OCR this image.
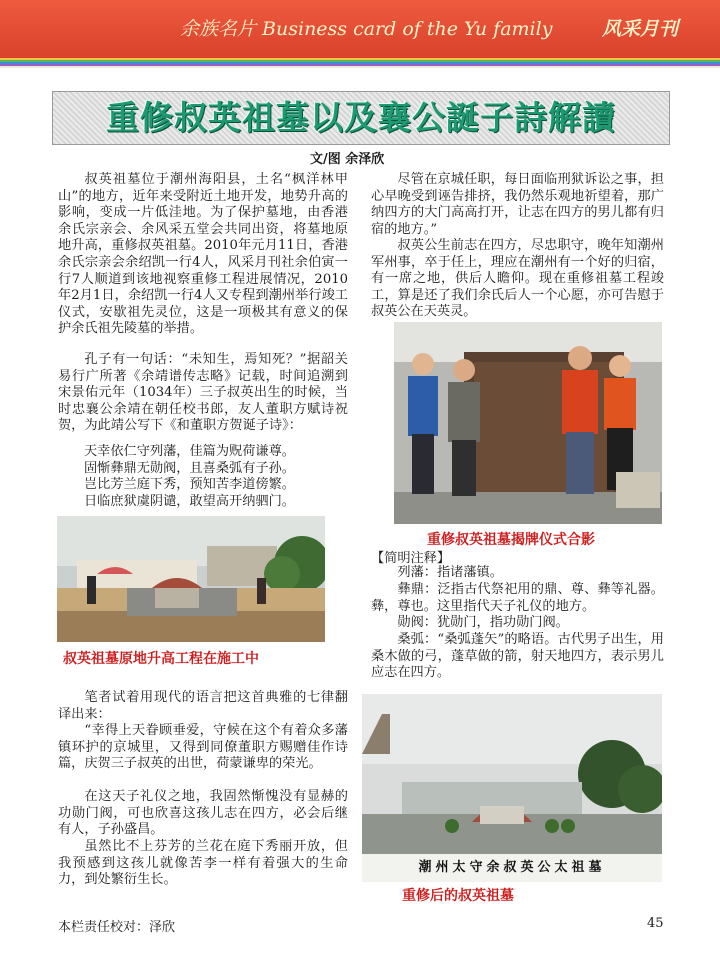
余族名片 Business card of the Yu family	风采月刊
重修叔英祖墓以及襄公誕子詩解讀
文/图 余泽欣

叔英祖墓位于潮州海阳县，土名“枫洋林甲山”的地方，近年来受附近土地开发，地势升高的影响，变成一片低洼地。为了保护墓地，由香港余氏宗亲会、余风采五堂会共同出资，将墓地原地升高，重修叔英祖墓。2010年元月11日，香港余氏宗亲会余绍凯一行4人，风采月刊社余伯寅一行7人顺道到该地视察重修工程进展情况，2010年2月1日，余绍凯一行4人又专程到潮州举行竣工仪式，安歇祖先灵位，这是一项极其有意义的保护余氏祖先陵墓的举措。

孔子有一句话：“未知生，焉知死？”据韶关易行广所著《余靖谱传志略》记载，时间追溯到宋景佑元年（1034年）三子叔英出生的时候，当时忠襄公余靖在朝任校书郎，友人董职方赋诗祝贺，为此靖公写下《和董职方贺诞子诗》：

天幸依仁守列藩，佳篇为贶荷谦尊。
固惭彝鼎无勋阀，且喜桑弧有子孙。
岂比芳兰庭下秀，预知苦李道傍繁。
日临庶狱虞阴谴，敢望高开纳驷门。
叔英祖墓原地升高工程在施工中

笔者试着用现代的语言把这首典雅的七律翻译出来：

“幸得上天眷顾垂爱，守候在这个有着众多藩镇环护的京城里，又得到同僚董职方赐赠佳作诗篇，庆贺三子叔英的出世，荷蒙谦卑的荣光。

在这天子礼仪之地，我固然惭愧没有显赫的功勋门阀，可也欣喜这孩儿志在四方，必会后继有人，子孙盛昌。

虽然比不上芬芳的兰花在庭下秀丽开放，但我预感到这孩儿就像苦李一样有着强大的生命力，到处繁衍生长。

尽管在京城任职，每日面临刑狱诉讼之事，担心早晚受到诬告排挤，我仍然乐观地祈望着，那广纳四方的大门高高打开，让志在四方的男儿都有归宿的地方。”

叔英公生前志在四方，尽忠职守，晚年知潮州军州事，卒于任上，理应在潮州有一个好的归宿，有一席之地，供后人瞻仰。现在重修祖墓工程竣工，算是还了我们余氏后人一个心愿，亦可告慰于叔英公在天英灵。

重修叔英祖墓揭牌仪式合影
【简明注释】

列藩：指诸藩镇。

彝鼎：泛指古代祭祀用的鼎、尊、彝等礼器。彝，尊也。这里指代天子礼仪的地方。

勋阀：犹勋门，指功勋门阀。

桑弧：“桑弧蓬矢”的略语。古代男子出生，用桑木做的弓，蓬草做的箭，射天地四方，表示男儿应志在四方。

潮州太守余叔英公太祖墓
重修后的叔英祖墓
本栏责任校对：泽欣	45
